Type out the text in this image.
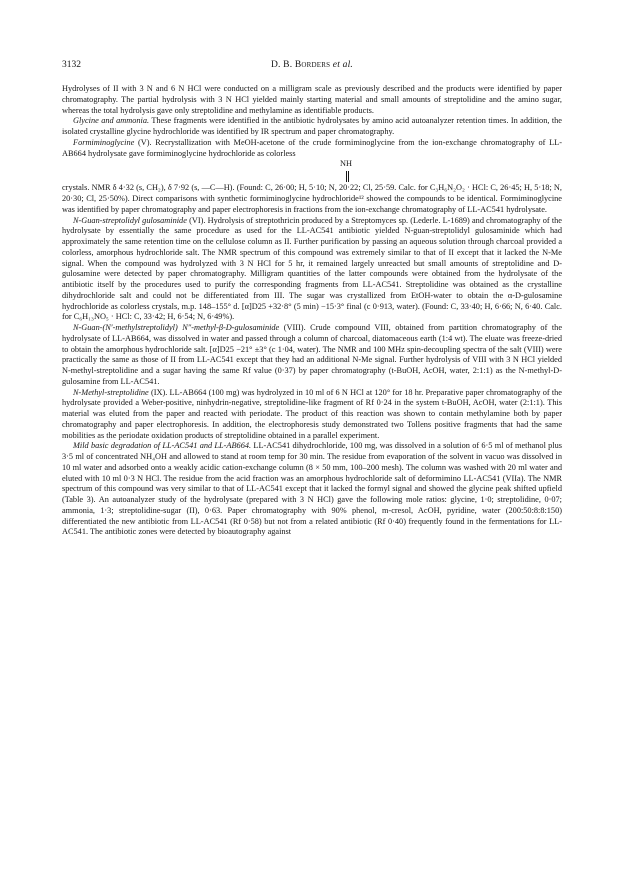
3132	D. B. Borders et al.

Hydrolyses of II with 3 N and 6 N HCl were conducted on a milligram scale as previously described and the products were identified by paper chromatography. The partial hydrolysis with 3 N HCl yielded mainly starting material and small amounts of streptolidine and the amino sugar, whereas the total hydrolysis gave only streptolidine and methylamine as identifiable products.

Glycine and ammonia. These fragments were identified in the antibiotic hydrolysates by amino acid autoanalyzer retention times. In addition, the isolated crystalline glycine hydrochloride was identified by IR spectrum and paper chromatography.

Formiminoglycine (V). Recrystallization with MeOH-acetone of the crude formiminoglycine from the ion-exchange chromatography of LL-AB664 hydrolysate gave formiminoglycine hydrochloride as colorless

NH

crystals. NMR δ 4·32 (s, CH₂), δ 7·92 (s, —C—H). (Found: C, 26·00; H, 5·10; N, 20·22; Cl, 25·59. Calc. for C₃H₆N₂O₂ · HCl: C, 26·45; H, 5·18; N, 20·30; Cl, 25·50%). Direct comparisons with synthetic formiminoglycine hydrochloride¹² showed the compounds to be identical. Formiminoglycine was identified by paper chromatography and paper electrophoresis in fractions from the ion-exchange chromatography of LL-AC541 hydrolysate.

N-Guan-streptolidyl gulosaminide (VI). Hydrolysis of streptothricin produced by a Streptomyces sp. (Lederle. L-1689) and chromatography of the hydrolysate by essentially the same procedure as used for the LL-AC541 antibiotic yielded N-guan-streptolidyl gulosaminide which had approximately the same retention time on the cellulose column as II. Further purification by passing an aqueous solution through charcoal provided a colorless, amorphous hydrochloride salt. The NMR spectrum of this compound was extremely similar to that of II except that it lacked the N-Me signal. When the compound was hydrolyzed with 3 N HCl for 5 hr, it remained largely unreacted but small amounts of streptolidine and D-gulosamine were detected by paper chromatography. Milligram quantities of the latter compounds were obtained from the hydrolysate of the antibiotic itself by the procedures used to purify the corresponding fragments from LL-AC541. Streptolidine was obtained as the crystalline dihydrochloride salt and could not be differentiated from III. The sugar was crystallized from EtOH-water to obtain the α-D-gulosamine hydrochloride as colorless crystals, m.p. 148–155° d. [α]D25 +32·8° (5 min) −15·3° final (c 0·913, water). (Found: C, 33·40; H, 6·66; N, 6·40. Calc. for C₆H₁₃NO₅ · HCl: C, 33·42; H, 6·54; N, 6·49%).

N-Guan-(N′-methylstreptolidyl) N″-methyl-β-D-gulosaminide (VIII). Crude compound VIII, obtained from partition chromatography of the hydrolysate of LL-AB664, was dissolved in water and passed through a column of charcoal, diatomaceous earth (1:4 wt). The eluate was freeze-dried to obtain the amorphous hydrochloride salt. [α]D25 −21° ±3° (c 1·04, water). The NMR and 100 MHz spin-decoupling spectra of the salt (VIII) were practically the same as those of II from LL-AC541 except that they had an additional N-Me signal. Further hydrolysis of VIII with 3 N HCl yielded N-methyl-streptolidine and a sugar having the same Rf value (0·37) by paper chromatography (t-BuOH, AcOH, water, 2:1:1) as the N-methyl-D-gulosamine from LL-AC541.

N-Methyl-streptolidine (IX). LL-AB664 (100 mg) was hydrolyzed in 10 ml of 6 N HCl at 120° for 18 hr. Preparative paper chromatography of the hydrolysate provided a Weber-positive, ninhydrin-negative, streptolidine-like fragment of Rf 0·24 in the system t-BuOH, AcOH, water (2:1:1). This material was eluted from the paper and reacted with periodate. The product of this reaction was shown to contain methylamine both by paper chromatography and paper electrophoresis. In addition, the electrophoresis study demonstrated two Tollens positive fragments that had the same mobilities as the periodate oxidation products of streptolidine obtained in a parallel experiment.

Mild basic degradation of LL-AC541 and LL-AB664. LL-AC541 dihydrochloride, 100 mg, was dissolved in a solution of 6·5 ml of methanol plus 3·5 ml of concentrated NH₄OH and allowed to stand at room temp for 30 min. The residue from evaporation of the solvent in vacuo was dissolved in 10 ml water and adsorbed onto a weakly acidic cation-exchange column (8 × 50 mm, 100–200 mesh). The column was washed with 20 ml water and eluted with 10 ml 0·3 N HCl. The residue from the acid fraction was an amorphous hydrochloride salt of deformimino LL-AC541 (VIIa). The NMR spectrum of this compound was very similar to that of LL-AC541 except that it lacked the formyl signal and showed the glycine peak shifted upfield (Table 3). An autoanalyzer study of the hydrolysate (prepared with 3 N HCl) gave the following mole ratios: glycine, 1·0; streptolidine, 0·07; ammonia, 1·3; streptolidine-sugar (II), 0·63. Paper chromatography with 90% phenol, m-cresol, AcOH, pyridine, water (200:50:8:8:150) differentiated the new antibiotic from LL-AC541 (Rf 0·58) but not from a related antibiotic (Rf 0·40) frequently found in the fermentations for LL-AC541. The antibiotic zones were detected by bioautography against
